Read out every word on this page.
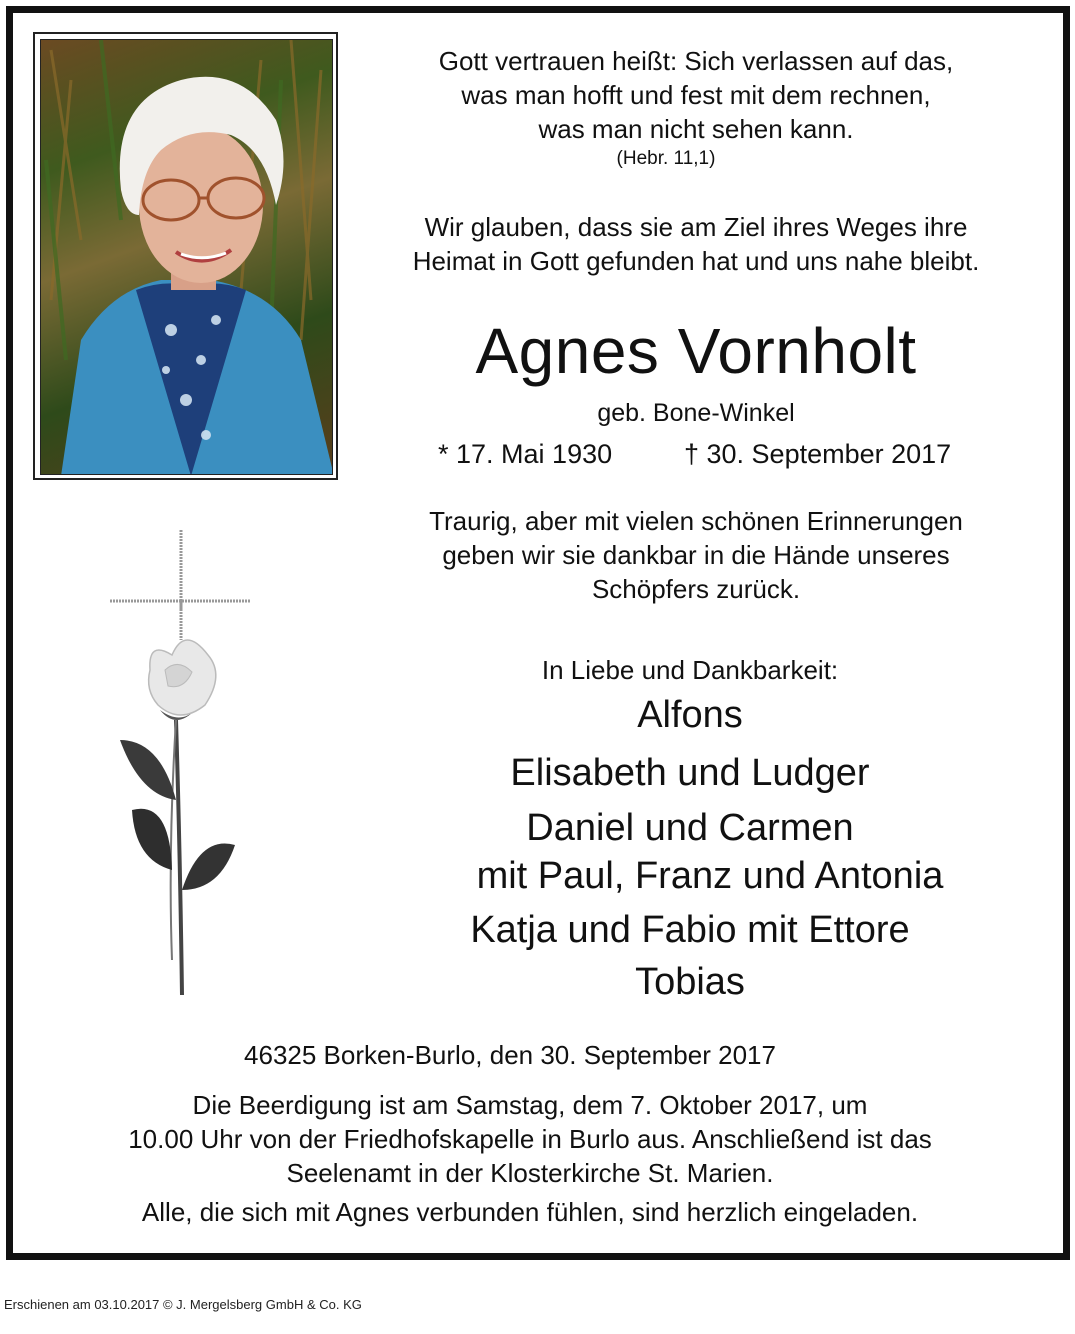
Gott vertrauen heißt: Sich verlassen auf das,
was man hofft und fest mit dem rechnen,
was man nicht sehen kann.
(Hebr. 11,1)
Wir glauben, dass sie am Ziel ihres Weges ihre
Heimat in Gott gefunden hat und uns nahe bleibt.
Agnes Vornholt
geb. Bone-Winkel
* 17. Mai 1930	† 30. September 2017
Traurig, aber mit vielen schönen Erinnerungen
geben wir sie dankbar in die Hände unseres
Schöpfers zurück.
In Liebe und Dankbarkeit:
Alfons
Elisabeth und Ludger
Daniel und Carmen
mit Paul, Franz und Antonia
Katja und Fabio mit Ettore
Tobias
46325 Borken-Burlo, den 30. September 2017
Die Beerdigung ist am Samstag, dem 7. Oktober 2017, um
10.00 Uhr von der Friedhofskapelle in Burlo aus. Anschließend ist das
Seelenamt in der Klosterkirche St. Marien.
Alle, die sich mit Agnes verbunden fühlen, sind herzlich eingeladen.
Erschienen am 03.10.2017 © J. Mergelsberg GmbH & Co. KG
